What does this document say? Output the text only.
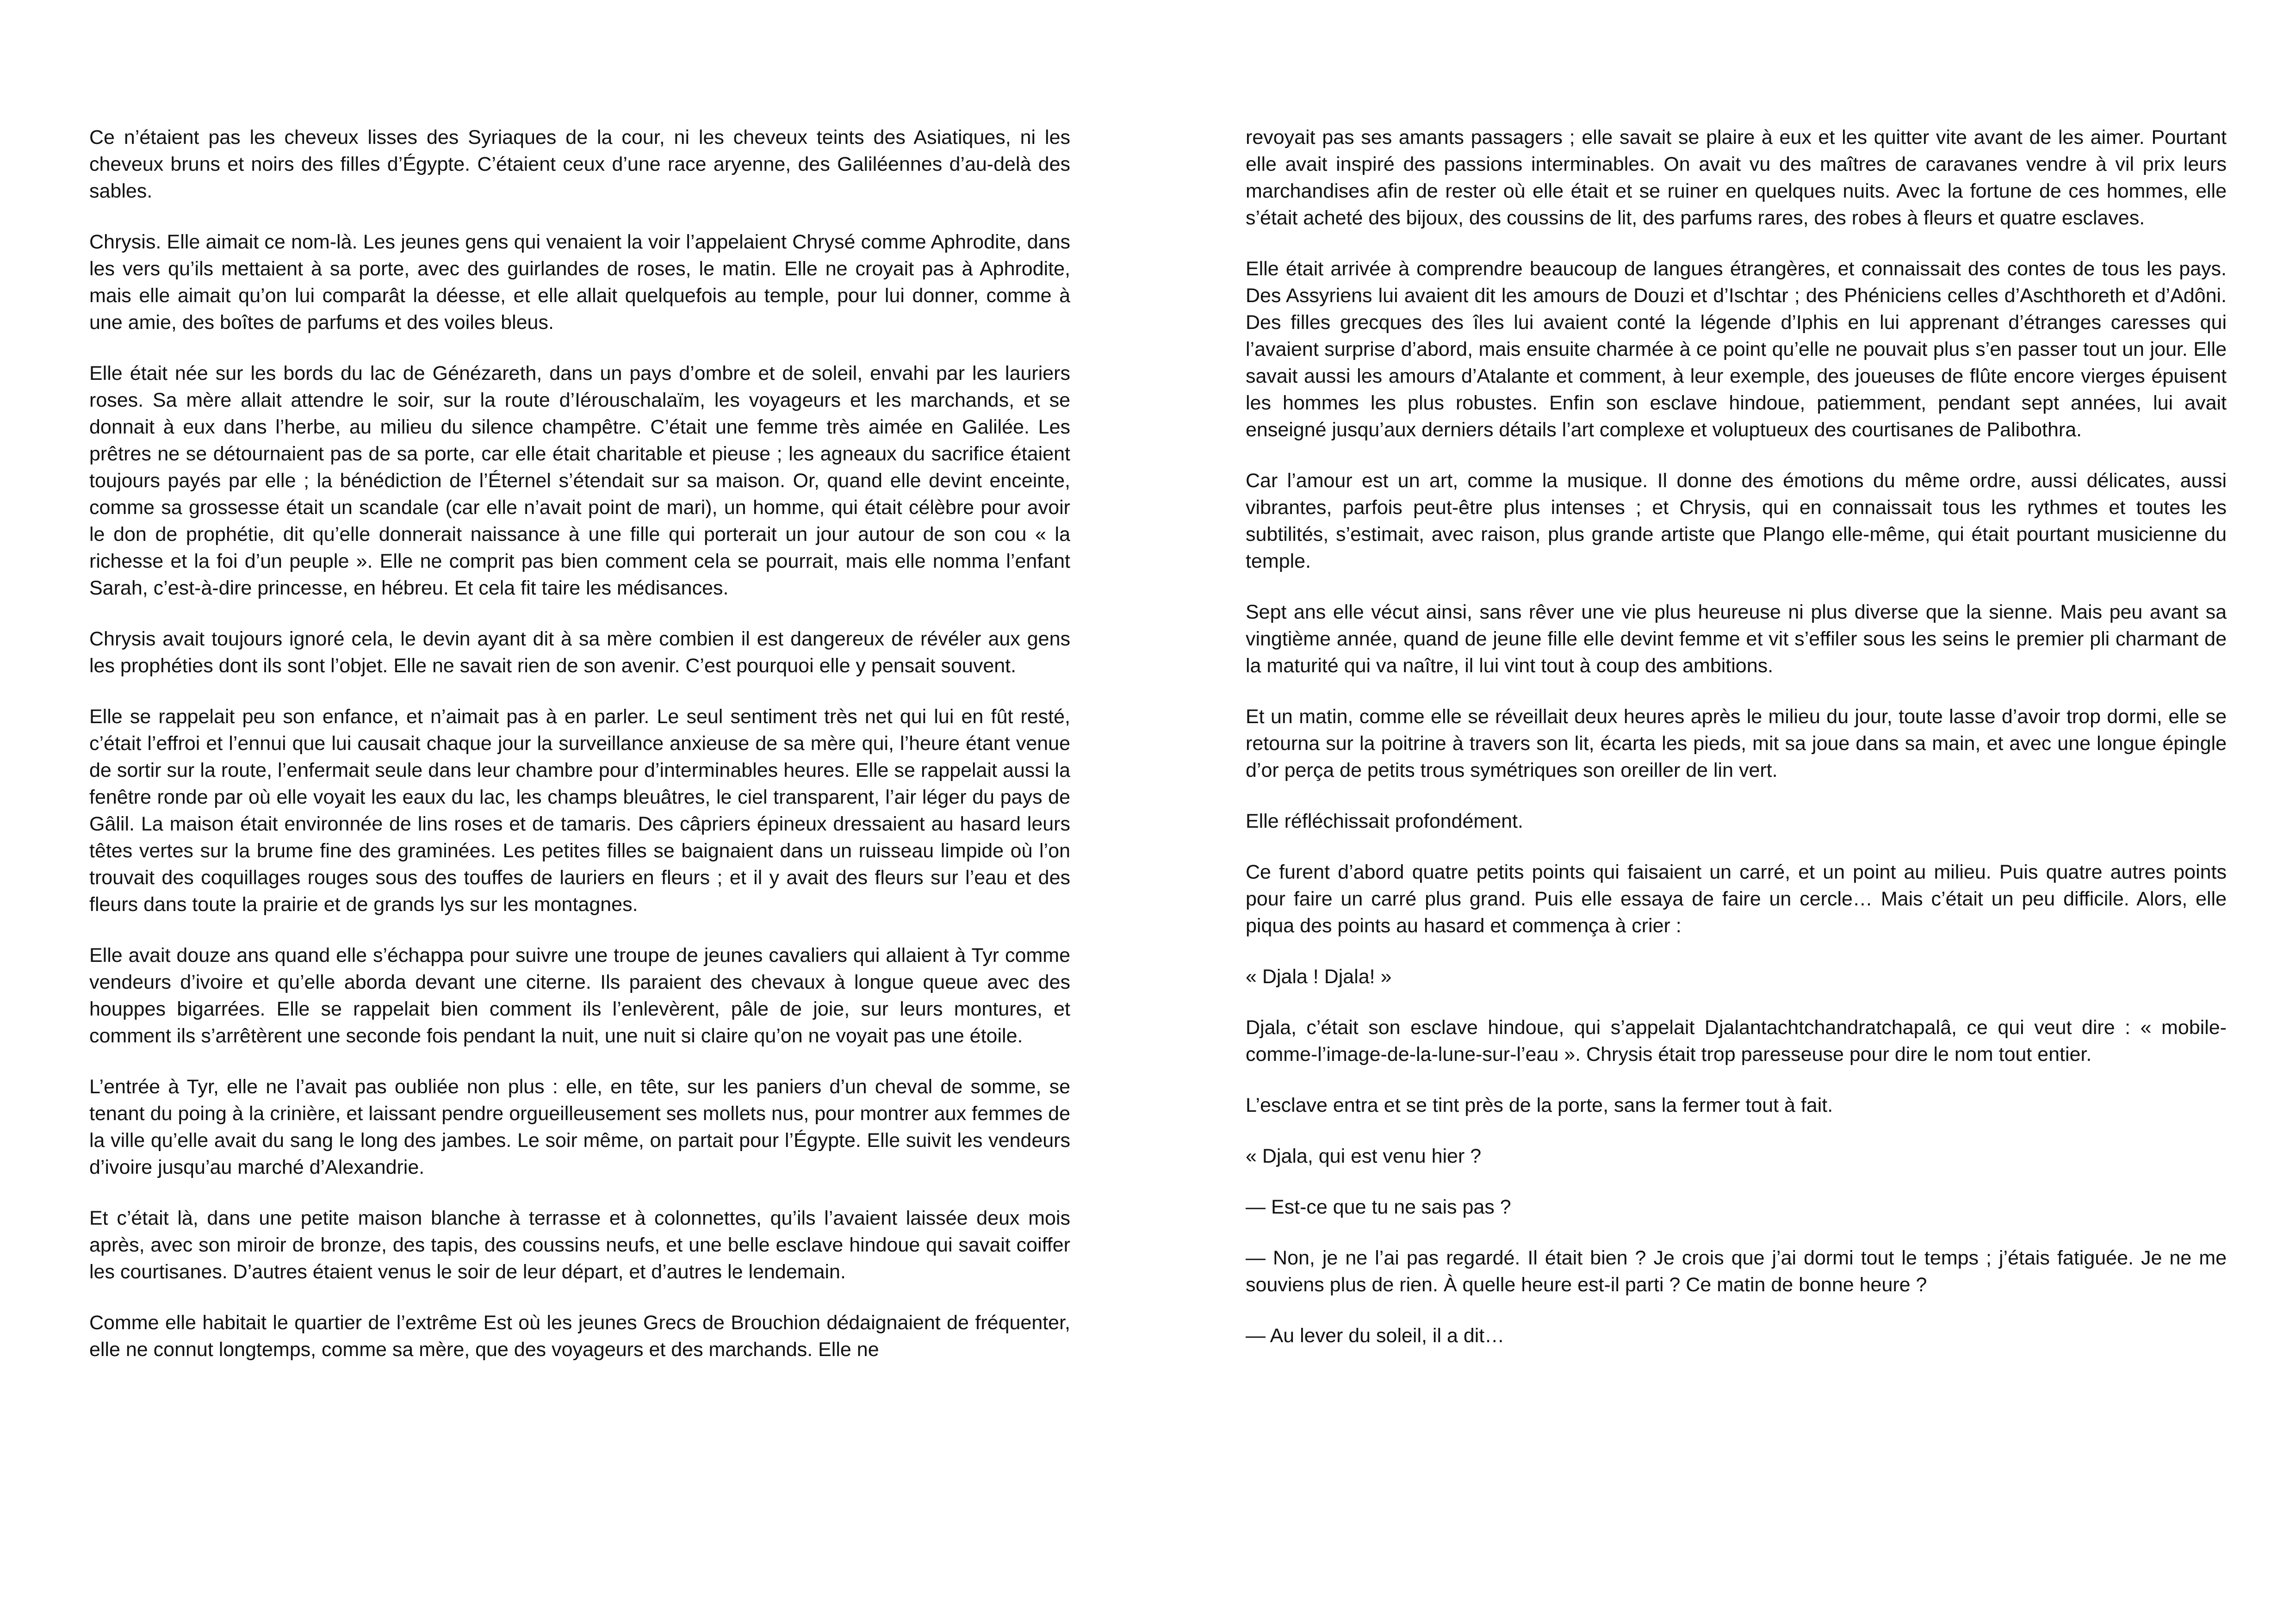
Ce n’étaient pas les cheveux lisses des Syriaques de la cour, ni les cheveux teints des Asiatiques, ni les cheveux bruns et noirs des filles d’Égypte. C’étaient ceux d’une race aryenne, des Galiléennes d’au-delà des sables.

Chrysis. Elle aimait ce nom-là. Les jeunes gens qui venaient la voir l’appelaient Chrysé comme Aphrodite, dans les vers qu’ils mettaient à sa porte, avec des guirlandes de roses, le matin. Elle ne croyait pas à Aphrodite, mais elle aimait qu’on lui comparât la déesse, et elle allait quelquefois au temple, pour lui donner, comme à une amie, des boîtes de parfums et des voiles bleus.

Elle était née sur les bords du lac de Génézareth, dans un pays d’ombre et de soleil, envahi par les lauriers roses. Sa mère allait attendre le soir, sur la route d’Iérouschalaïm, les voyageurs et les marchands, et se donnait à eux dans l’herbe, au milieu du silence champêtre. C’était une femme très aimée en Galilée. Les prêtres ne se détournaient pas de sa porte, car elle était charitable et pieuse ; les agneaux du sacrifice étaient toujours payés par elle ; la bénédiction de l’Éternel s’étendait sur sa maison. Or, quand elle devint enceinte, comme sa grossesse était un scandale (car elle n’avait point de mari), un homme, qui était célèbre pour avoir le don de prophétie, dit qu’elle donnerait naissance à une fille qui porterait un jour autour de son cou « la richesse et la foi d’un peuple ». Elle ne comprit pas bien comment cela se pourrait, mais elle nomma l’enfant Sarah, c’est-à-dire princesse, en hébreu. Et cela fit taire les médisances.

Chrysis avait toujours ignoré cela, le devin ayant dit à sa mère combien il est dangereux de révéler aux gens les prophéties dont ils sont l’objet. Elle ne savait rien de son avenir. C’est pourquoi elle y pensait souvent.

Elle se rappelait peu son enfance, et n’aimait pas à en parler. Le seul sentiment très net qui lui en fût resté, c’était l’effroi et l’ennui que lui causait chaque jour la surveillance anxieuse de sa mère qui, l’heure étant venue de sortir sur la route, l’enfermait seule dans leur chambre pour d’interminables heures. Elle se rappelait aussi la fenêtre ronde par où elle voyait les eaux du lac, les champs bleuâtres, le ciel transparent, l’air léger du pays de Gâlil. La maison était environnée de lins roses et de tamaris. Des câpriers épineux dressaient au hasard leurs têtes vertes sur la brume fine des graminées. Les petites filles se baignaient dans un ruisseau limpide où l’on trouvait des coquillages rouges sous des touffes de lauriers en fleurs ; et il y avait des fleurs sur l’eau et des fleurs dans toute la prairie et de grands lys sur les montagnes.

Elle avait douze ans quand elle s’échappa pour suivre une troupe de jeunes cavaliers qui allaient à Tyr comme vendeurs d’ivoire et qu’elle aborda devant une citerne. Ils paraient des chevaux à longue queue avec des houppes bigarrées. Elle se rappelait bien comment ils l’enlevèrent, pâle de joie, sur leurs montures, et comment ils s’arrêtèrent une seconde fois pendant la nuit, une nuit si claire qu’on ne voyait pas une étoile.

L’entrée à Tyr, elle ne l’avait pas oubliée non plus : elle, en tête, sur les paniers d’un cheval de somme, se tenant du poing à la crinière, et laissant pendre orgueilleusement ses mollets nus, pour montrer aux femmes de la ville qu’elle avait du sang le long des jambes. Le soir même, on partait pour l’Égypte. Elle suivit les vendeurs d’ivoire jusqu’au marché d’Alexandrie.

Et c’était là, dans une petite maison blanche à terrasse et à colonnettes, qu’ils l’avaient laissée deux mois après, avec son miroir de bronze, des tapis, des coussins neufs, et une belle esclave hindoue qui savait coiffer les courtisanes. D’autres étaient venus le soir de leur départ, et d’autres le lendemain.

Comme elle habitait le quartier de l’extrême Est où les jeunes Grecs de Brouchion dédaignaient de fréquenter, elle ne connut longtemps, comme sa mère, que des voyageurs et des marchands. Elle ne

revoyait pas ses amants passagers ; elle savait se plaire à eux et les quitter vite avant de les aimer. Pourtant elle avait inspiré des passions interminables. On avait vu des maîtres de caravanes vendre à vil prix leurs marchandises afin de rester où elle était et se ruiner en quelques nuits. Avec la fortune de ces hommes, elle s’était acheté des bijoux, des coussins de lit, des parfums rares, des robes à fleurs et quatre esclaves.

Elle était arrivée à comprendre beaucoup de langues étrangères, et connaissait des contes de tous les pays. Des Assyriens lui avaient dit les amours de Douzi et d’Ischtar ; des Phéniciens celles d’Aschthoreth et d’Adôni. Des filles grecques des îles lui avaient conté la légende d’Iphis en lui apprenant d’étranges caresses qui l’avaient surprise d’abord, mais ensuite charmée à ce point qu’elle ne pouvait plus s’en passer tout un jour. Elle savait aussi les amours d’Atalante et comment, à leur exemple, des joueuses de flûte encore vierges épuisent les hommes les plus robustes. Enfin son esclave hindoue, patiemment, pendant sept années, lui avait enseigné jusqu’aux derniers détails l’art complexe et voluptueux des courtisanes de Palibothra.

Car l’amour est un art, comme la musique. Il donne des émotions du même ordre, aussi délicates, aussi vibrantes, parfois peut-être plus intenses ; et Chrysis, qui en connaissait tous les rythmes et toutes les subtilités, s’estimait, avec raison, plus grande artiste que Plango elle-même, qui était pourtant musicienne du temple.

Sept ans elle vécut ainsi, sans rêver une vie plus heureuse ni plus diverse que la sienne. Mais peu avant sa vingtième année, quand de jeune fille elle devint femme et vit s’effiler sous les seins le premier pli charmant de la maturité qui va naître, il lui vint tout à coup des ambitions.

Et un matin, comme elle se réveillait deux heures après le milieu du jour, toute lasse d’avoir trop dormi, elle se retourna sur la poitrine à travers son lit, écarta les pieds, mit sa joue dans sa main, et avec une longue épingle d’or perça de petits trous symétriques son oreiller de lin vert.

Elle réfléchissait profondément.

Ce furent d’abord quatre petits points qui faisaient un carré, et un point au milieu. Puis quatre autres points pour faire un carré plus grand. Puis elle essaya de faire un cercle… Mais c’était un peu difficile. Alors, elle piqua des points au hasard et commença à crier :

« Djala ! Djala! »

Djala, c’était son esclave hindoue, qui s’appelait Djalantachtchandratchapalâ, ce qui veut dire : « mobile-comme-l’image-de-la-lune-sur-l’eau ». Chrysis était trop paresseuse pour dire le nom tout entier.

L’esclave entra et se tint près de la porte, sans la fermer tout à fait.

« Djala, qui est venu hier ?

— Est-ce que tu ne sais pas ?

— Non, je ne l’ai pas regardé. Il était bien ? Je crois que j’ai dormi tout le temps ; j’étais fatiguée. Je ne me souviens plus de rien. À quelle heure est-il parti ? Ce matin de bonne heure ?

— Au lever du soleil, il a dit…
